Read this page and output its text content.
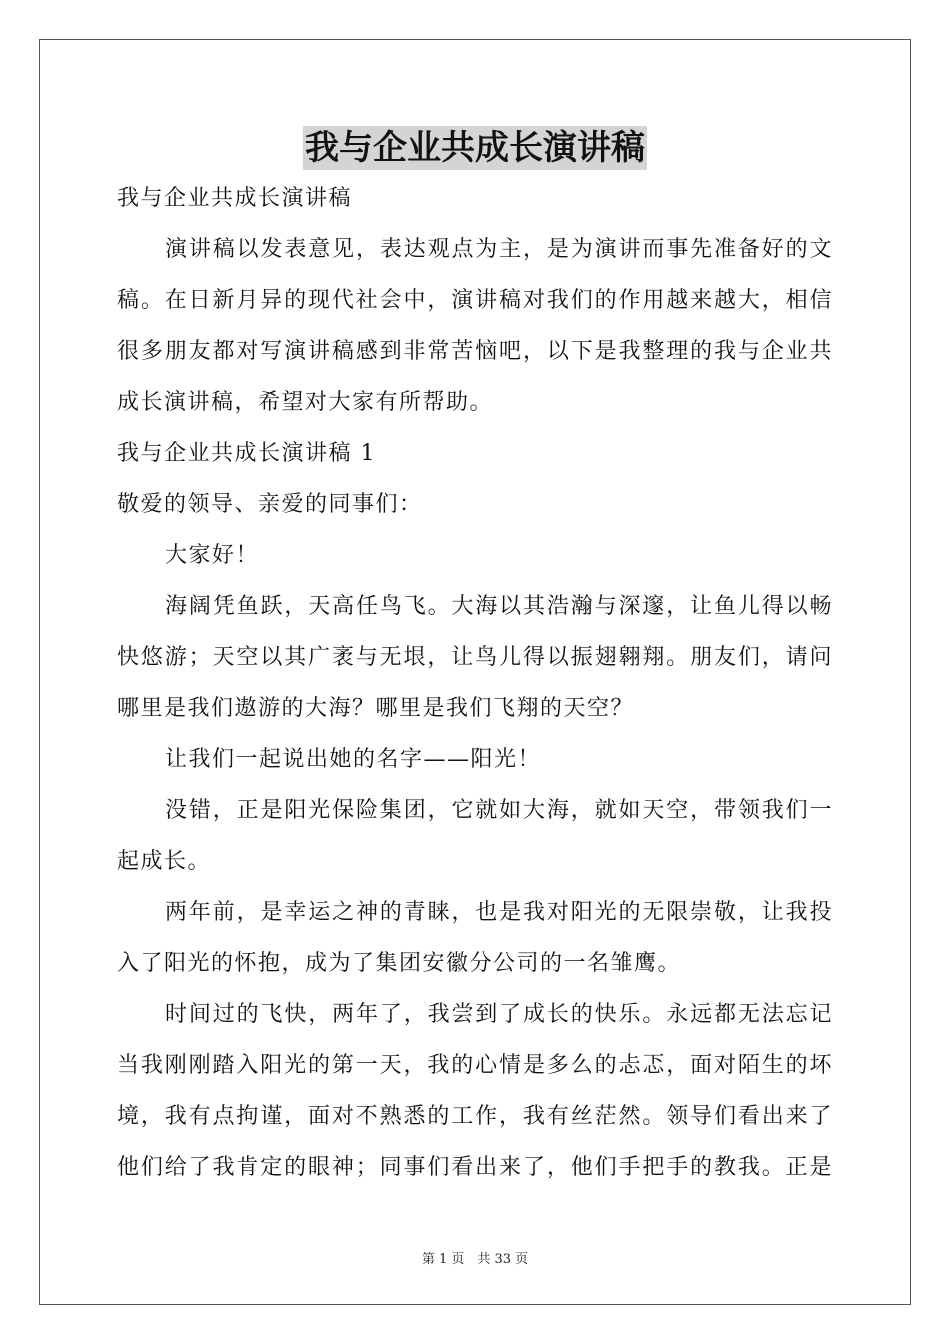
我与企业共成长演讲稿
我与企业共成长演讲稿
演讲稿以发表意见，表达观点为主，是为演讲而事先准备好的文
稿。在日新月异的现代社会中，演讲稿对我们的作用越来越大，相信
很多朋友都对写演讲稿感到非常苦恼吧，以下是我整理的我与企业共
成长演讲稿，希望对大家有所帮助。
我与企业共成长演讲稿 1
敬爱的领导、亲爱的同事们：
大家好！
海阔凭鱼跃，天高任鸟飞。大海以其浩瀚与深邃，让鱼儿得以畅
快悠游；天空以其广袤与无垠，让鸟儿得以振翅翱翔。朋友们，请问
哪里是我们遨游的大海？哪里是我们飞翔的天空？
让我们一起说出她的名字——阳光！
没错，正是阳光保险集团，它就如大海，就如天空，带领我们一
起成长。
两年前，是幸运之神的青睐，也是我对阳光的无限崇敬，让我投
入了阳光的怀抱，成为了集团安徽分公司的一名雏鹰。
时间过的飞快，两年了，我尝到了成长的快乐。永远都无法忘记
当我刚刚踏入阳光的第一天，我的心情是多么的忐忑，面对陌生的坏
境，我有点拘谨，面对不熟悉的工作，我有丝茫然。领导们看出来了
他们给了我肯定的眼神；同事们看出来了，他们手把手的教我。正是
第 1 页　共 33 页
